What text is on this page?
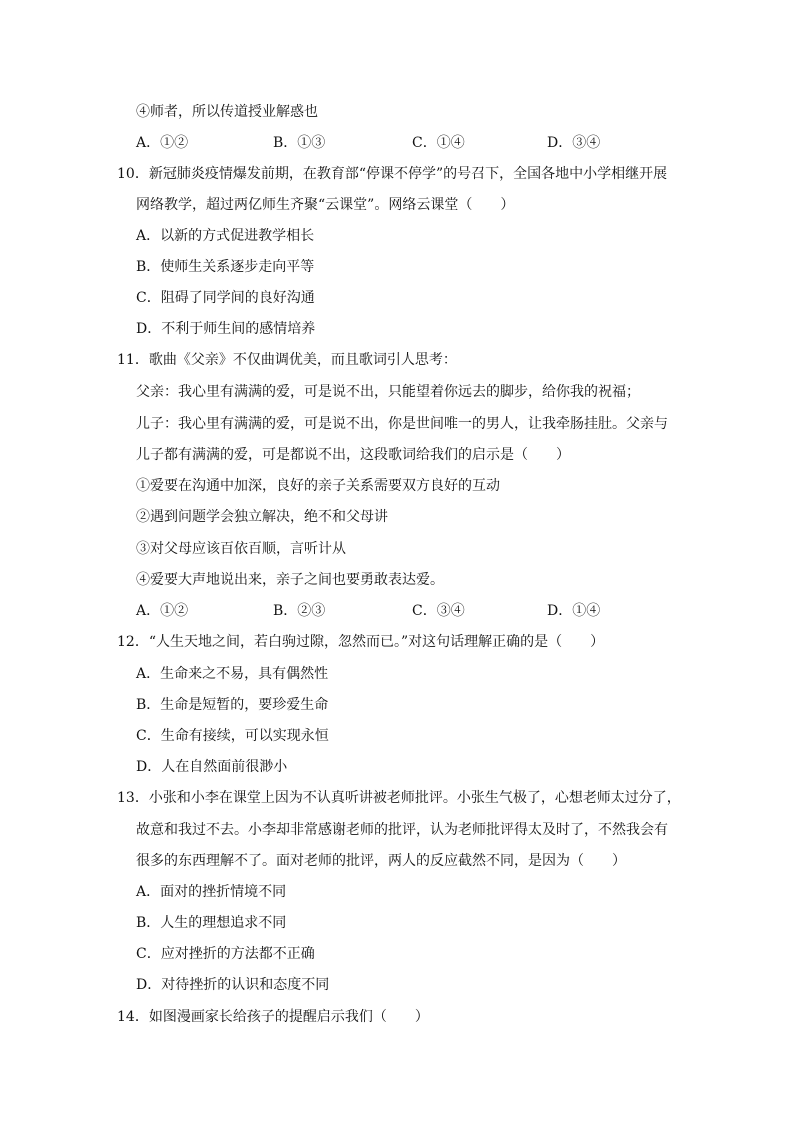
④师者，所以传道授业解惑也
A．①②	B．①③	C．①④	D．③④
10．新冠肺炎疫情爆发前期，在教育部“停课不停学”的号召下，全国各地中小学相继开展
网络教学，超过两亿师生齐聚“云课堂”。网络云课堂（　　）
A．以新的方式促进教学相长
B．使师生关系逐步走向平等
C．阻碍了同学间的良好沟通
D．不利于师生间的感情培养
11．歌曲《父亲》不仅曲调优美，而且歌词引人思考：
父亲：我心里有满满的爱，可是说不出，只能望着你远去的脚步，给你我的祝福；
儿子：我心里有满满的爱，可是说不出，你是世间唯一的男人，让我牵肠挂肚。父亲与
儿子都有满满的爱，可是都说不出，这段歌词给我们的启示是（　　）
①爱要在沟通中加深，良好的亲子关系需要双方良好的互动
②遇到问题学会独立解决，绝不和父母讲
③对父母应该百依百顺，言听计从
④爱要大声地说出来，亲子之间也要勇敢表达爱。
A．①②	B．②③	C．③④	D．①④
12．“人生天地之间，若白驹过隙，忽然而已。”对这句话理解正确的是（　　）
A．生命来之不易，具有偶然性
B．生命是短暂的，要珍爱生命
C．生命有接续，可以实现永恒
D．人在自然面前很渺小
13．小张和小李在课堂上因为不认真听讲被老师批评。小张生气极了，心想老师太过分了，
故意和我过不去。小李却非常感谢老师的批评，认为老师批评得太及时了，不然我会有
很多的东西理解不了。面对老师的批评，两人的反应截然不同，是因为（　　）
A．面对的挫折情境不同
B．人生的理想追求不同
C．应对挫折的方法都不正确
D．对待挫折的认识和态度不同
14．如图漫画家长给孩子的提醒启示我们（　　）
